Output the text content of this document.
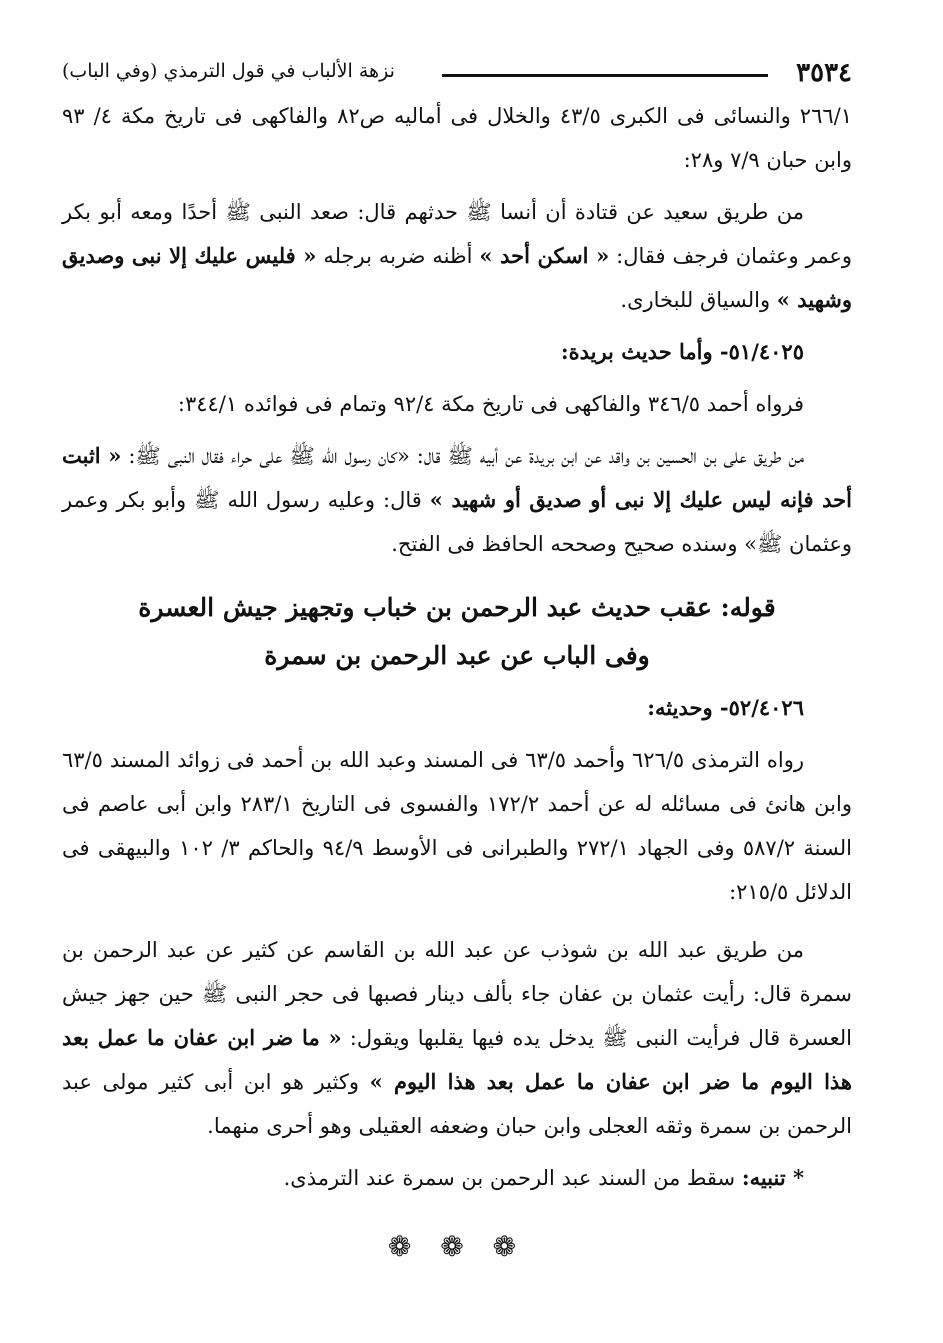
٣٥٣٤
نزهة الألباب في قول الترمذي (وفي الباب)

٢٦٦/١ والنسائى فى الكبرى ٤٣/٥ والخلال فى أماليه ص٨٢ والفاكهى فى تاريخ مكة ٤/ ٩٣ وابن حبان ٧/٩ و٢٨:

من طريق سعيد عن قتادة أن أنسا ﷺ حدثهم قال: صعد النبى ﷺ أحدًا ومعه أبو بكر وعمر وعثمان فرجف فقال: « اسكن أحد » أظنه ضربه برجله « فليس عليك إلا نبى وصديق وشهيد » والسياق للبخارى.

٥١/٤٠٢٥- وأما حديث بريدة:

فرواه أحمد ٣٤٦/٥ والفاكهى فى تاريخ مكة ٩٢/٤ وتمام فى فوائده ٣٤٤/١:

من طريق على بن الحسين بن واقد عن ابن بريدة عن أبيه ﷺ قال: «كان رسول الله ﷺ على حراء فقال النبى ﷺ: « اثبت أحد فإنه ليس عليك إلا نبى أو صديق أو شهيد » قال: وعليه رسول الله ﷺ وأبو بكر وعمر وعثمان ﷺ» وسنده صحيح وصححه الحافظ فى الفتح.

قوله: عقب حديث عبد الرحمن بن خباب وتجهيز جيش العسرة
وفى الباب عن عبد الرحمن بن سمرة

٥٢/٤٠٢٦- وحديثه:

رواه الترمذى ٦٢٦/٥ وأحمد ٦٣/٥ فى المسند وعبد الله بن أحمد فى زوائد المسند ٦٣/٥ وابن هانئ فى مسائله له عن أحمد ١٧٢/٢ والفسوى فى التاريخ ٢٨٣/١ وابن أبى عاصم فى السنة ٥٨٧/٢ وفى الجهاد ٢٧٢/١ والطبرانى فى الأوسط ٩٤/٩ والحاكم ٣/ ١٠٢ والبيهقى فى الدلائل ٢١٥/٥:

من طريق عبد الله بن شوذب عن عبد الله بن القاسم عن كثير عن عبد الرحمن بن سمرة قال: رأيت عثمان بن عفان جاء بألف دينار فصبها فى حجر النبى ﷺ حين جهز جيش العسرة قال فرأيت النبى ﷺ يدخل يده فيها يقلبها ويقول: « ما ضر ابن عفان ما عمل بعد هذا اليوم ما ضر ابن عفان ما عمل بعد هذا اليوم » وكثير هو ابن أبى كثير مولى عبد الرحمن بن سمرة وثقه العجلى وابن حبان وضعفه العقيلى وهو أحرى منهما.

* تنبيه: سقط من السند عبد الرحمن بن سمرة عند الترمذى.

❁ ❁ ❁
